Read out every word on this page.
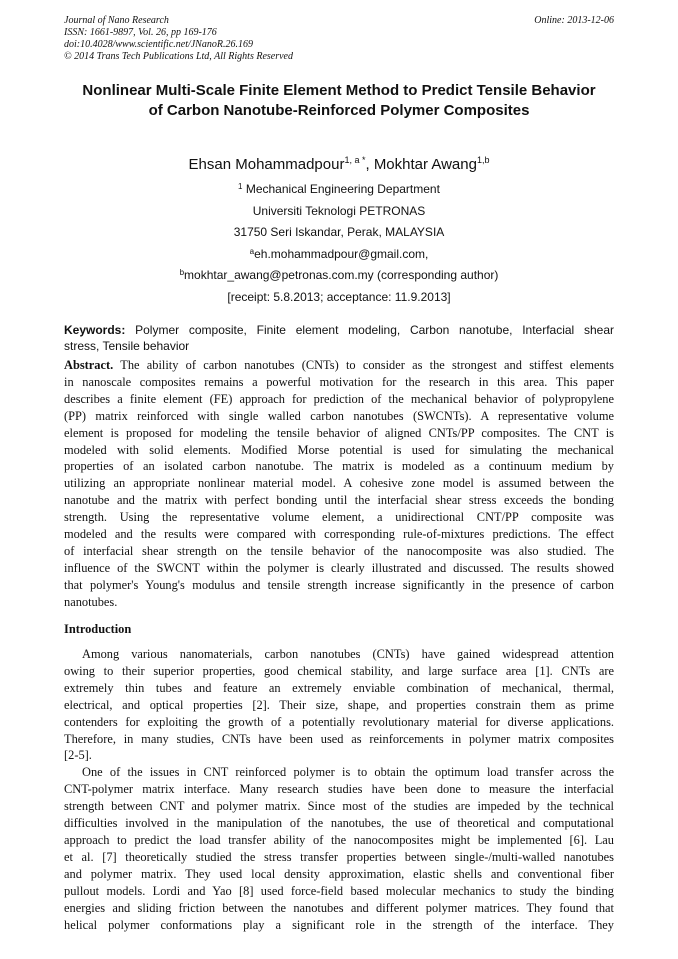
Journal of Nano Research
ISSN: 1661-9897, Vol. 26, pp 169-176
doi:10.4028/www.scientific.net/JNanoR.26.169
© 2014 Trans Tech Publications Ltd, All Rights Reserved
Online: 2013-12-06
Nonlinear Multi-Scale Finite Element Method to Predict Tensile Behavior
of Carbon Nanotube-Reinforced Polymer Composites
Ehsan Mohammadpour$^{1, a *}$, Mokhtar Awang$^{1,b}$
$^1$ Mechanical Engineering Department
Universiti Teknologi PETRONAS
31750 Seri Iskandar, Perak, MALAYSIA
$^a$eh.mohammadpour@gmail.com,
$^b$mokhtar_awang@petronas.com.my (corresponding author)
[receipt: 5.8.2013; acceptance: 11.9.2013]
Keywords: Polymer composite, Finite element modeling, Carbon nanotube, Interfacial shear
stress, Tensile behavior
Abstract. The ability of carbon nanotubes (CNTs) to consider as the strongest and stiffest elements
in nanoscale composites remains a powerful motivation for the research in this area. This paper
describes a finite element (FE) approach for prediction of the mechanical behavior of polypropylene
(PP) matrix reinforced with single walled carbon nanotubes (SWCNTs). A representative volume
element is proposed for modeling the tensile behavior of aligned CNTs/PP composites. The CNT is
modeled with solid elements. Modified Morse potential is used for simulating the mechanical
properties of an isolated carbon nanotube. The matrix is modeled as a continuum medium by
utilizing an appropriate nonlinear material model. A cohesive zone model is assumed between the
nanotube and the matrix with perfect bonding until the interfacial shear stress exceeds the bonding
strength. Using the representative volume element, a unidirectional CNT/PP composite was
modeled and the results were compared with corresponding rule-of-mixtures predictions. The effect
of interfacial shear strength on the tensile behavior of the nanocomposite was also studied. The
influence of the SWCNT within the polymer is clearly illustrated and discussed. The results showed
that polymer's Young's modulus and tensile strength increase significantly in the presence of carbon
nanotubes.
Introduction
Among various nanomaterials, carbon nanotubes (CNTs) have gained widespread attention
owing to their superior properties, good chemical stability, and large surface area [1]. CNTs are
extremely thin tubes and feature an extremely enviable combination of mechanical, thermal,
electrical, and optical properties [2]. Their size, shape, and properties constrain them as prime
contenders for exploiting the growth of a potentially revolutionary material for diverse applications.
Therefore, in many studies, CNTs have been used as reinforcements in polymer matrix composites
[2-5].
One of the issues in CNT reinforced polymer is to obtain the optimum load transfer across the
CNT-polymer matrix interface. Many research studies have been done to measure the interfacial
strength between CNT and polymer matrix. Since most of the studies are impeded by the technical
difficulties involved in the manipulation of the nanotubes, the use of theoretical and computational
approach to predict the load transfer ability of the nanocomposites might be implemented [6]. Lau
et al. [7] theoretically studied the stress transfer properties between single-/multi-walled nanotubes
and polymer matrix. They used local density approximation, elastic shells and conventional fiber
pullout models. Lordi and Yao [8] used force-field based molecular mechanics to study the binding
energies and sliding friction between the nanotubes and different polymer matrices. They found that
helical polymer conformations play a significant role in the strength of the interface. They
